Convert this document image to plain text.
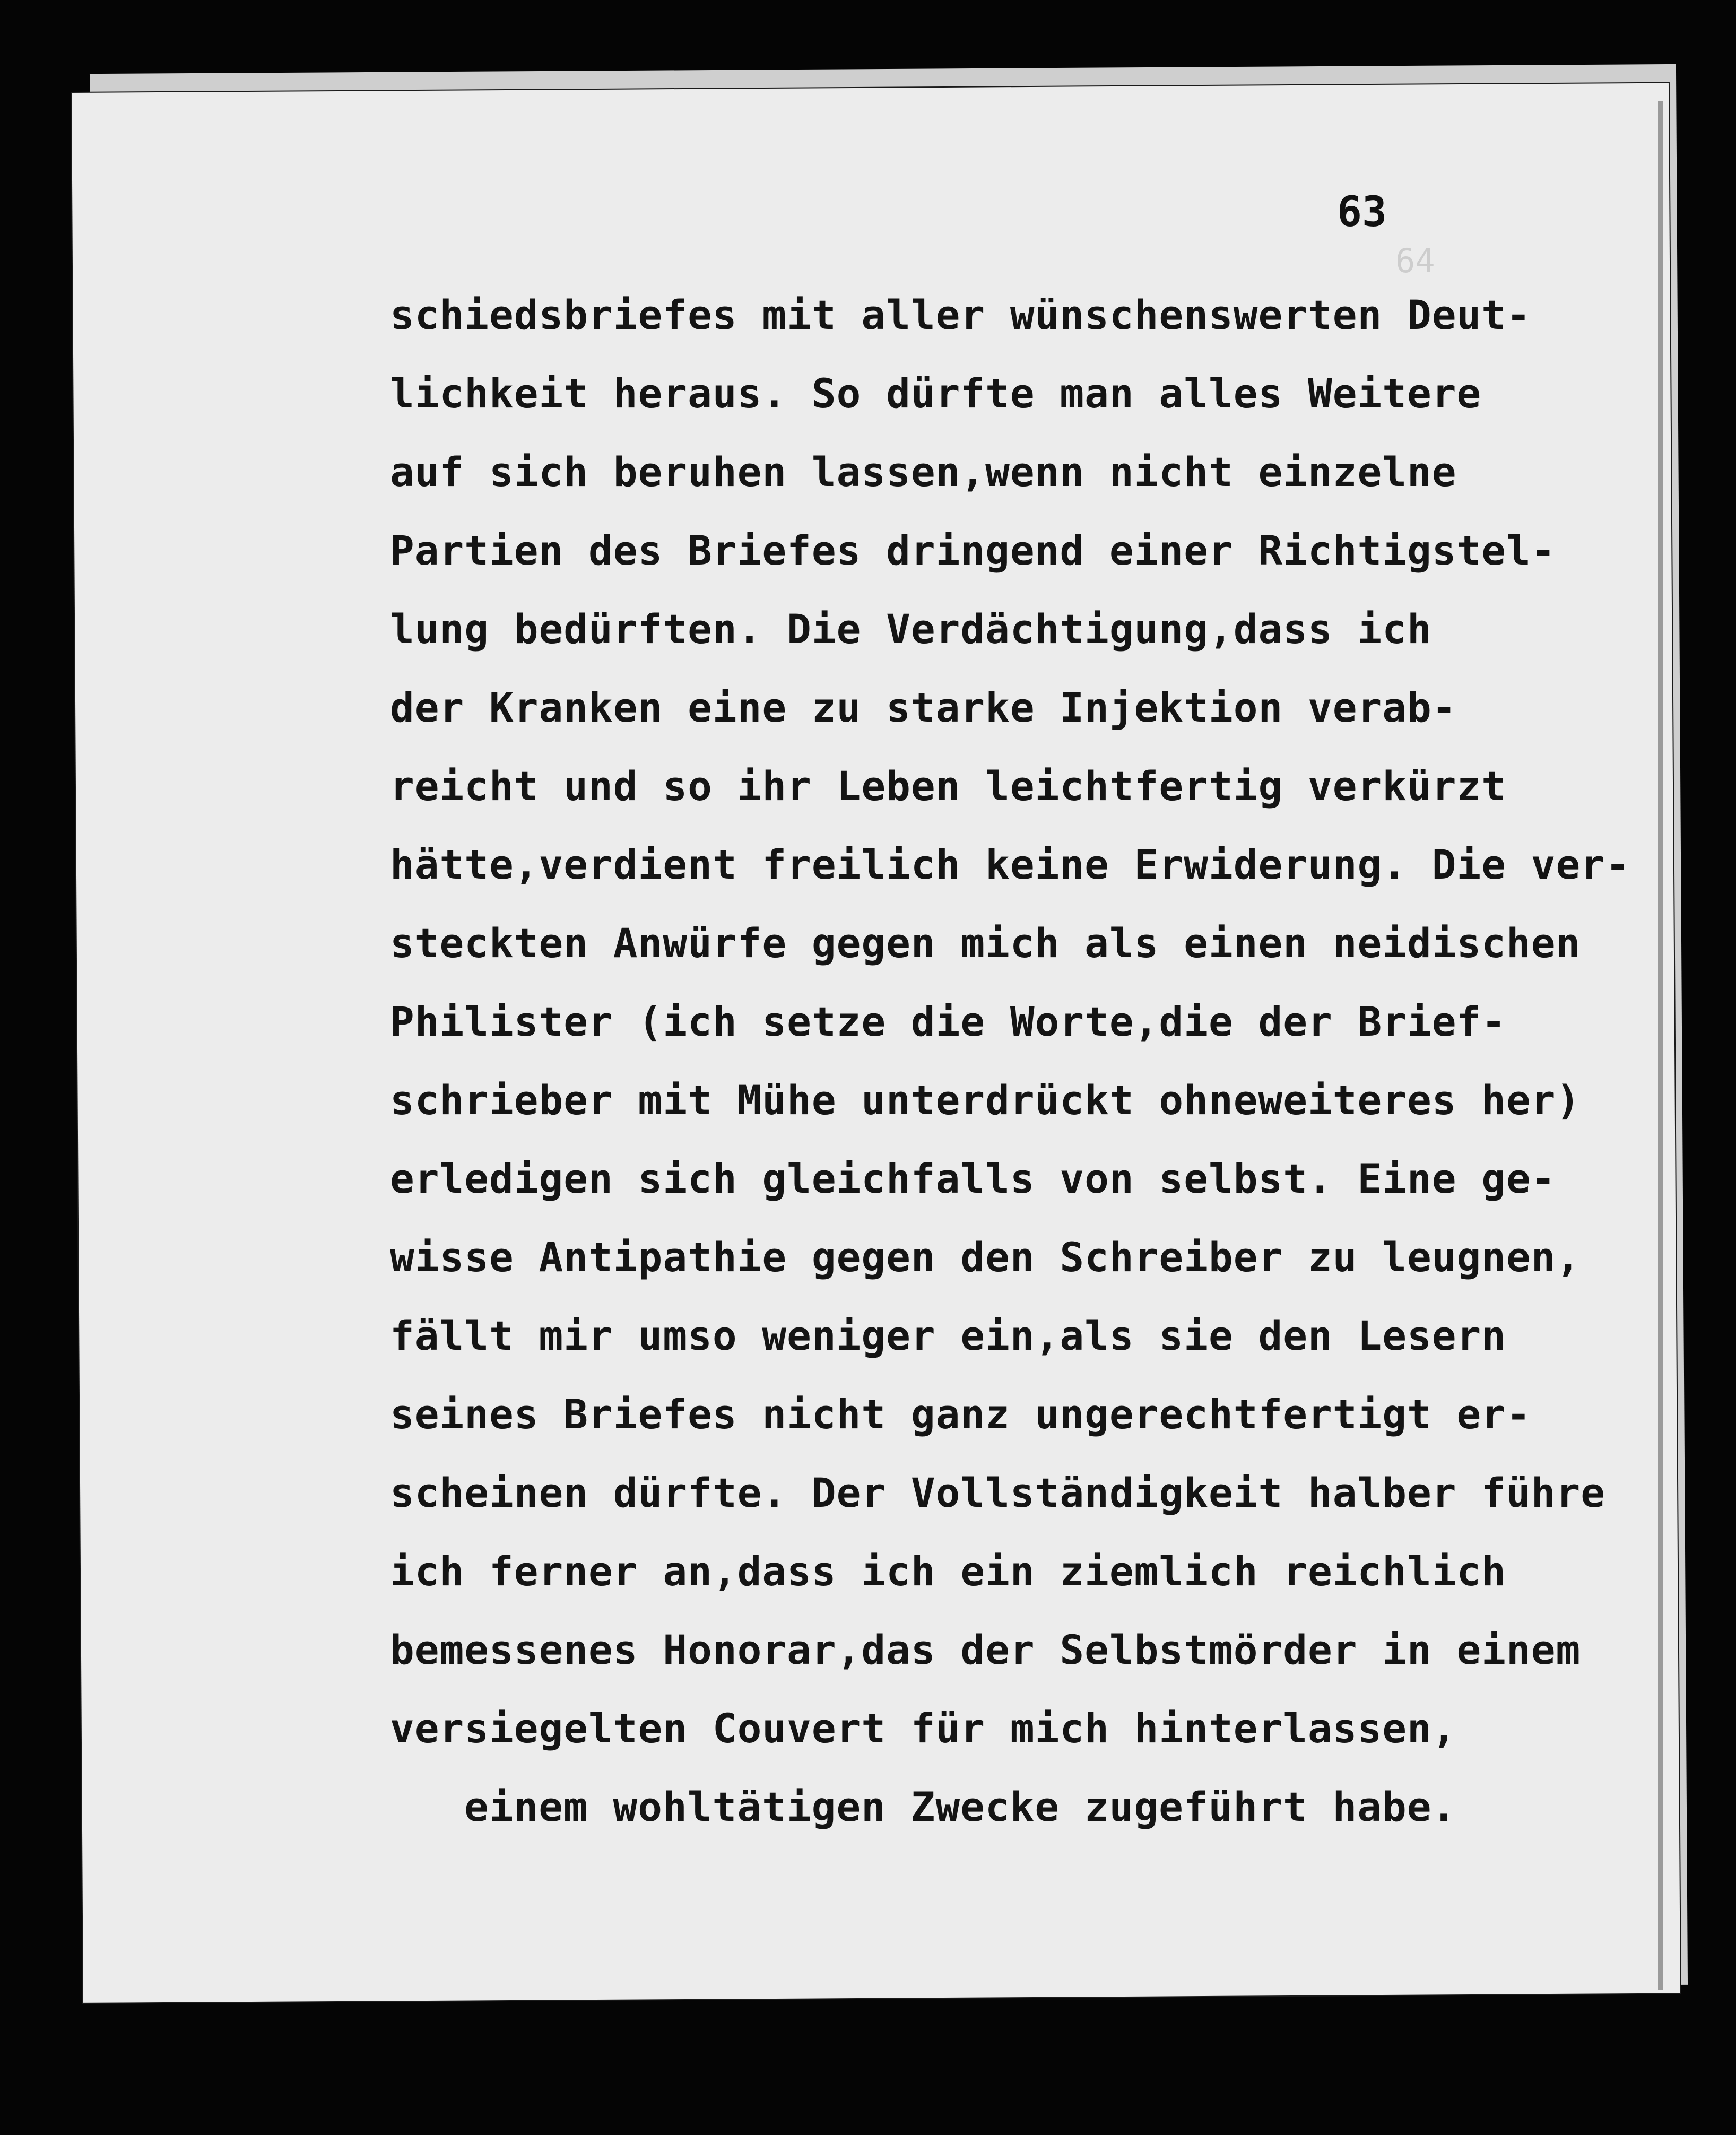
64
63
schiedsbriefes mit aller wünschenswerten Deut-
lichkeit heraus. So dürfte man alles Weitere
auf sich beruhen lassen,wenn nicht einzelne
Partien des Briefes dringend einer Richtigstel-
lung bedürften. Die Verdächtigung,dass ich
der Kranken eine zu starke Injektion verab-
reicht und so ihr Leben leichtfertig verkürzt
hätte,verdient freilich keine Erwiderung. Die ver-
steckten Anwürfe gegen mich als einen neidischen
Philister (ich setze die Worte,die der Brief-
schrieber mit Mühe unterdrückt ohneweiteres her)
erledigen sich gleichfalls von selbst. Eine ge-
wisse Antipathie gegen den Schreiber zu leugnen,
fällt mir umso weniger ein,als sie den Lesern
seines Briefes nicht ganz ungerechtfertigt er-
scheinen dürfte. Der Vollständigkeit halber führe
ich ferner an,dass ich ein ziemlich reichlich
bemessenes Honorar,das der Selbstmörder in einem
versiegelten Couvert für mich hinterlassen,
einem wohltätigen Zwecke zugeführt habe.
